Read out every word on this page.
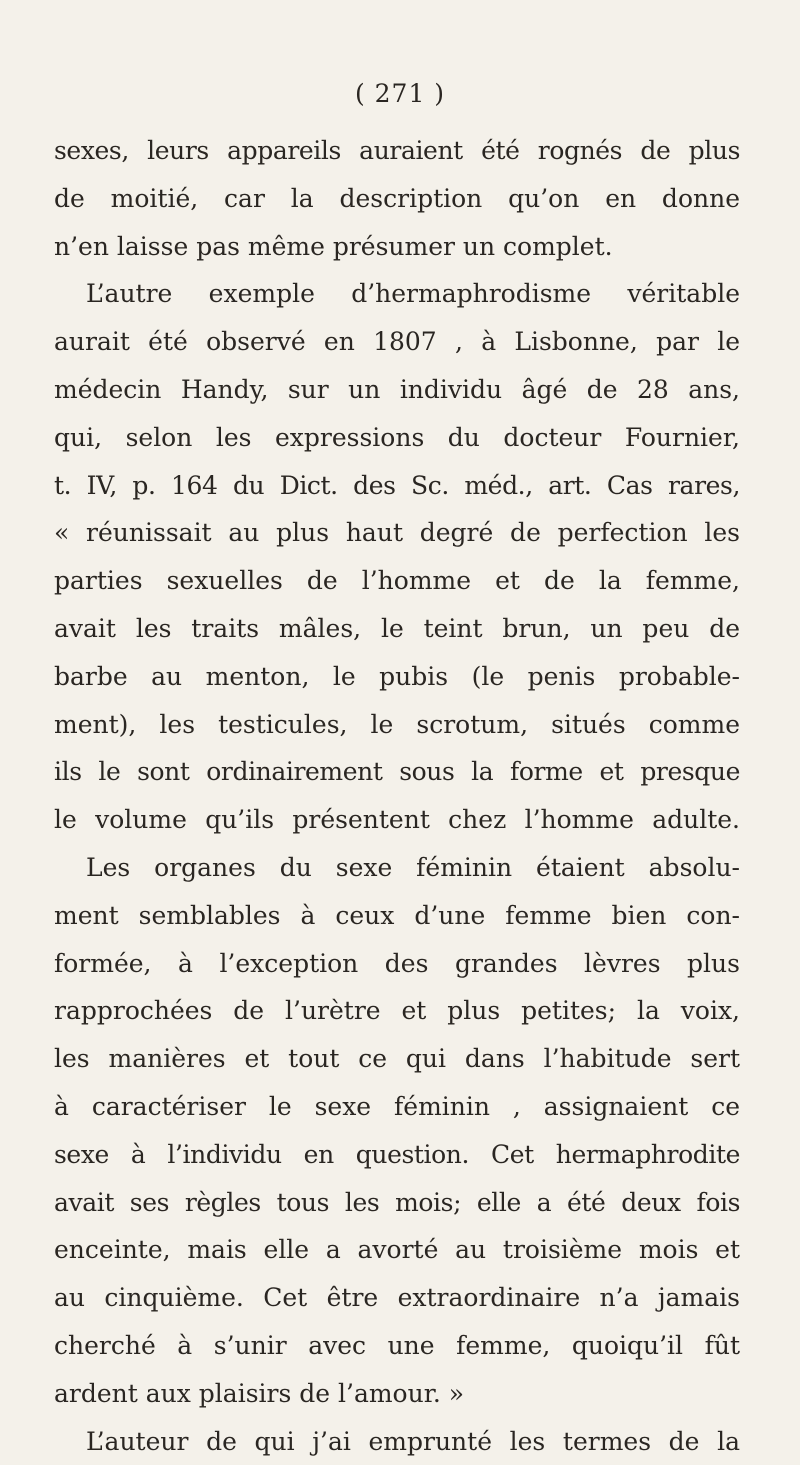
( 271 )
sexes, leurs appareils auraient été rognés de plus
de moitié, car la description qu’on en donne
n’en laisse pas même présumer un complet.
L’autre exemple d’hermaphrodisme véritable
aurait été observé en 1807 , à Lisbonne, par le
médecin Handy, sur un individu âgé de 28 ans,
qui, selon les expressions du docteur Fournier,
t. IV, p. 164 du Dict. des Sc. méd., art. Cas rares,
« réunissait au plus haut degré de perfection les
parties sexuelles de l’homme et de la femme,
avait les traits mâles, le teint brun, un peu de
barbe au menton, le pubis (le penis probable-
ment), les testicules, le scrotum, situés comme
ils le sont ordinairement sous la forme et presque
le volume qu’ils présentent chez l’homme adulte.
Les organes du sexe féminin étaient absolu-
ment semblables à ceux d’une femme bien con-
formée, à l’exception des grandes lèvres plus
rapprochées de l’urètre et plus petites; la voix,
les manières et tout ce qui dans l’habitude sert
à caractériser le sexe féminin , assignaient ce
sexe à l’individu en question. Cet hermaphrodite
avait ses règles tous les mois; elle a été deux fois
enceinte, mais elle a avorté au troisième mois et
au cinquième. Cet être extraordinaire n’a jamais
cherché à s’unir avec une femme, quoiqu’il fût
ardent aux plaisirs de l’amour. »
L’auteur de qui j’ai emprunté les termes de la
